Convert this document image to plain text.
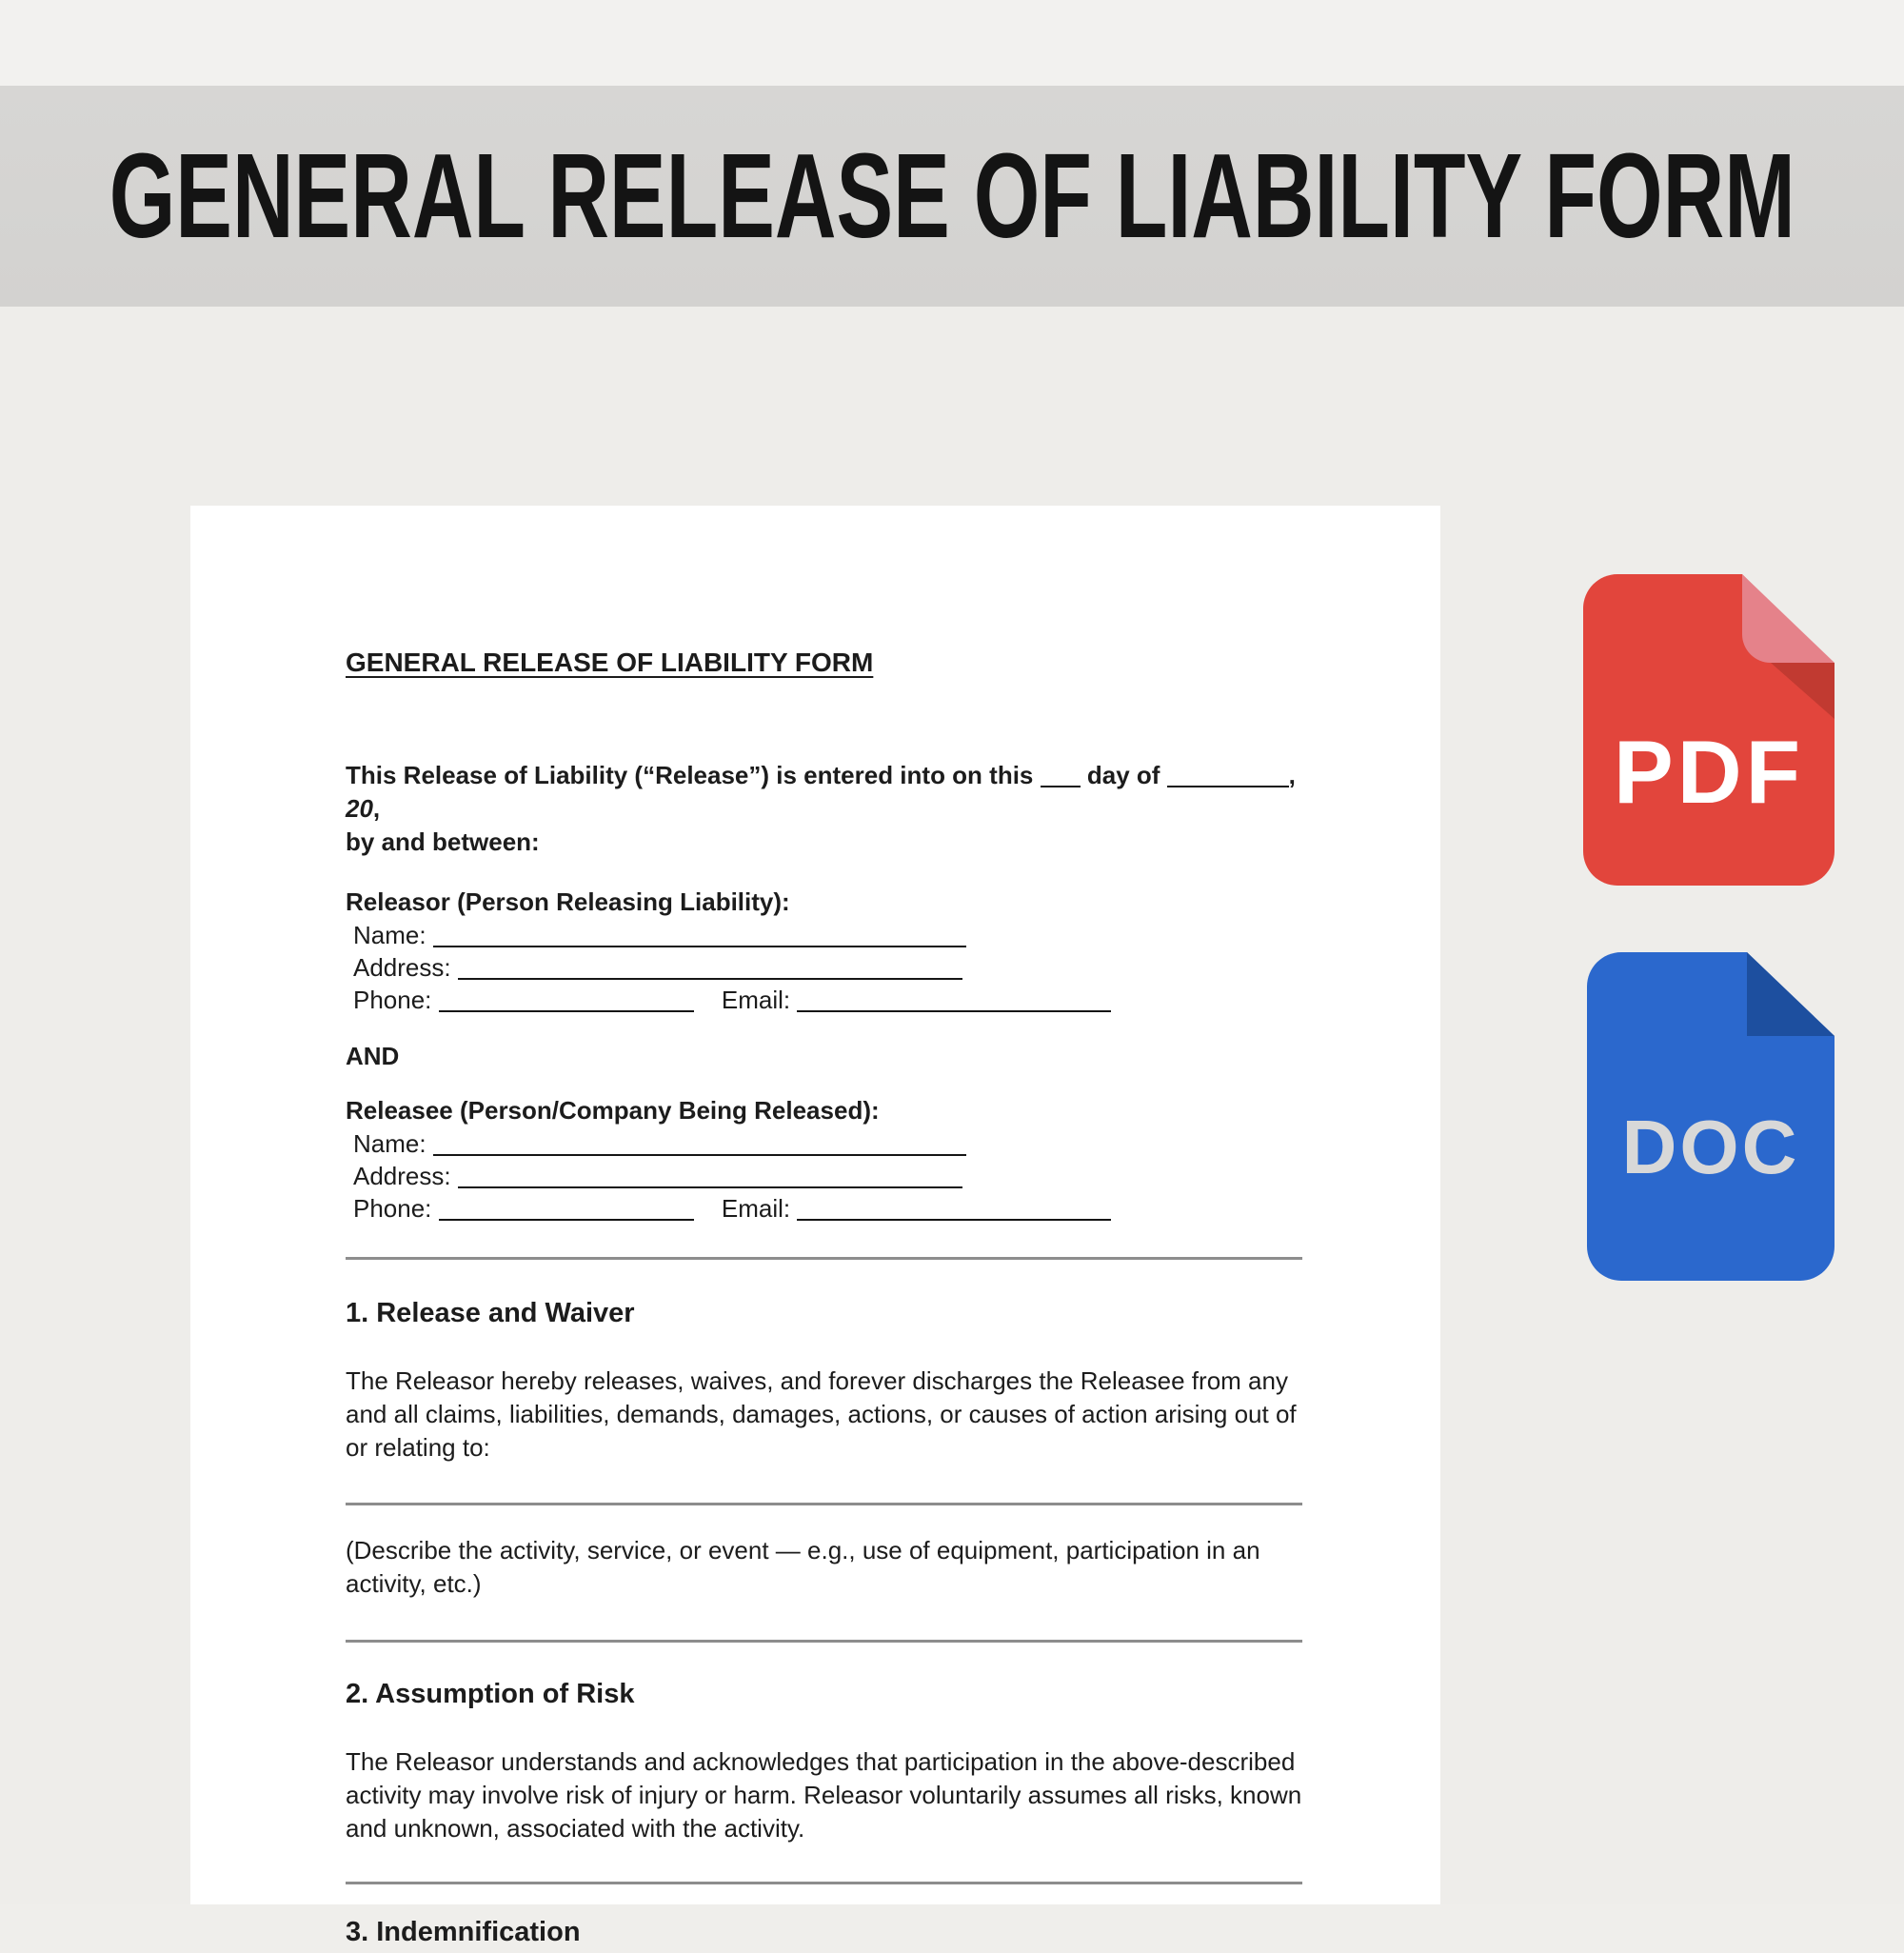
GENERAL RELEASE OF LIABILITY FORM
GENERAL RELEASE OF LIABILITY FORM
This Release of Liability (“Release”) is entered into on this day of	, 20,
by and between:
Releasor (Person Releasing Liability):
Name:
Address:
Phone:	Email:
AND
Releasee (Person/Company Being Released):
Name:
Address:
Phone:	Email:
1. Release and Waiver

The Releasor hereby releases, waives, and forever discharges the Releasee from any and all claims, liabilities, demands, damages, actions, or causes of action arising out of or relating to:

(Describe the activity, service, or event — e.g., use of equipment, participation in an activity, etc.)

2. Assumption of Risk

The Releasor understands and acknowledges that participation in the above-described activity may involve risk of injury or harm. Releasor voluntarily assumes all risks, known and unknown, associated with the activity.

3. Indemnification
PDF
DOC
